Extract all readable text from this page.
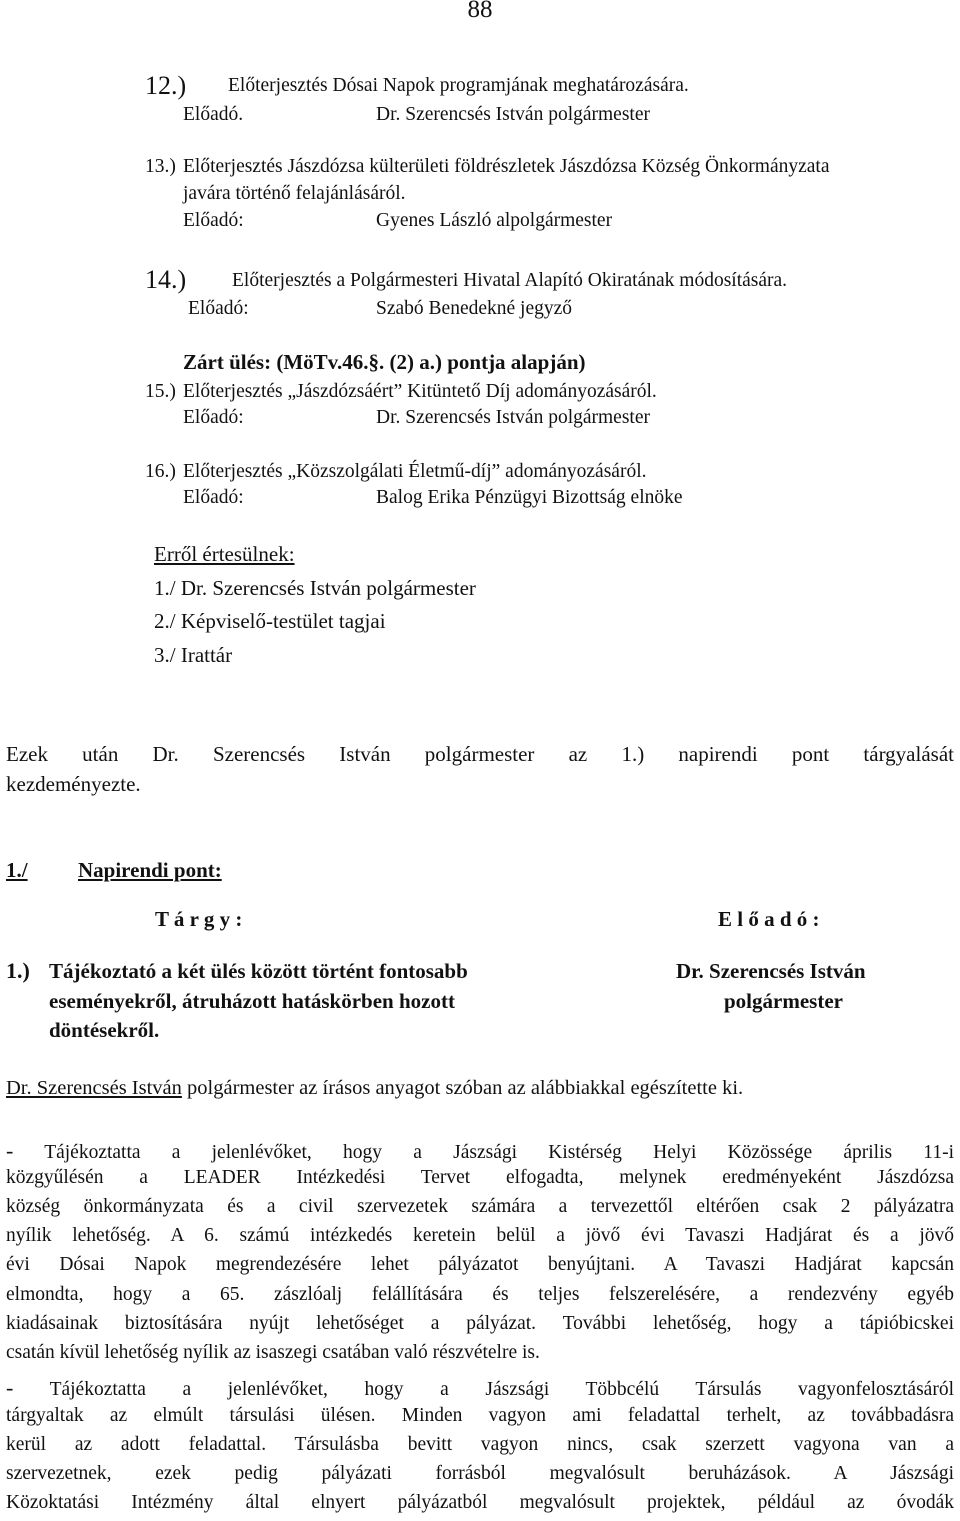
88
12.) Előterjesztés Dósai Napok programjának meghatározására.
Előadó.	Dr. Szerencsés István polgármester
13.) Előterjesztés Jászdózsa külterületi földrészletek Jászdózsa Község Önkormányzata
javára történő felajánlásáról.
Előadó:	Gyenes László alpolgármester
14.) Előterjesztés a Polgármesteri Hivatal Alapító Okiratának módosítására.
Előadó:	Szabó Benedekné jegyző
Zárt ülés: (MöTv.46.§. (2) a.) pontja alapján)
15.) Előterjesztés „Jászdózsáért” Kitüntető Díj adományozásáról.
Előadó:	Dr. Szerencsés István polgármester
16.) Előterjesztés „Közszolgálati Életmű-díj” adományozásáról.
Előadó:	Balog Erika Pénzügyi Bizottság elnöke
Erről értesülnek:
1./ Dr. Szerencsés István polgármester
2./ Képviselő-testület tagjai
3./ Irattár
Ezek után Dr. Szerencsés István polgármester az 1.) napirendi pont tárgyalását
kezdeményezte.
1./ Napirendi pont:
T á r g y :	E l ő a d ó :
1.) Tájékoztató a két ülés között történt fontosabb
eseményekről, átruházott hatáskörben hozott
döntésekről.
Dr. Szerencsés István
polgármester
Dr. Szerencsés István polgármester az írásos anyagot szóban az alábbiakkal egészítette ki.
- Tájékoztatta a jelenlévőket, hogy a Jászsági Kistérség Helyi Közössége április 11-i
közgyűlésén a LEADER Intézkedési Tervet elfogadta, melynek eredményeként Jászdózsa
község önkormányzata és a civil szervezetek számára a tervezettől eltérően csak 2 pályázatra
nyílik lehetőség. A 6. számú intézkedés keretein belül a jövő évi Tavaszi Hadjárat és a jövő
évi Dósai Napok megrendezésére lehet pályázatot benyújtani. A Tavaszi Hadjárat kapcsán
elmondta, hogy a 65. zászlóalj felállítására és teljes felszerelésére, a rendezvény egyéb
kiadásainak biztosítására nyújt lehetőséget a pályázat. További lehetőség, hogy a tápióbicskei
csatán kívül lehetőség nyílik az isaszegi csatában való részvételre is.
- Tájékoztatta a jelenlévőket, hogy a Jászsági Többcélú Társulás vagyonfelosztásáról
tárgyaltak az elmúlt társulási ülésen. Minden vagyon ami feladattal terhelt, az továbbadásra
kerül az adott feladattal. Társulásba bevitt vagyon nincs, csak szerzett vagyona van a
szervezetnek, ezek pedig pályázati forrásból megvalósult beruházások. A Jászsági
Közoktatási Intézmény által elnyert pályázatból megvalósult projektek, például az óvodák
